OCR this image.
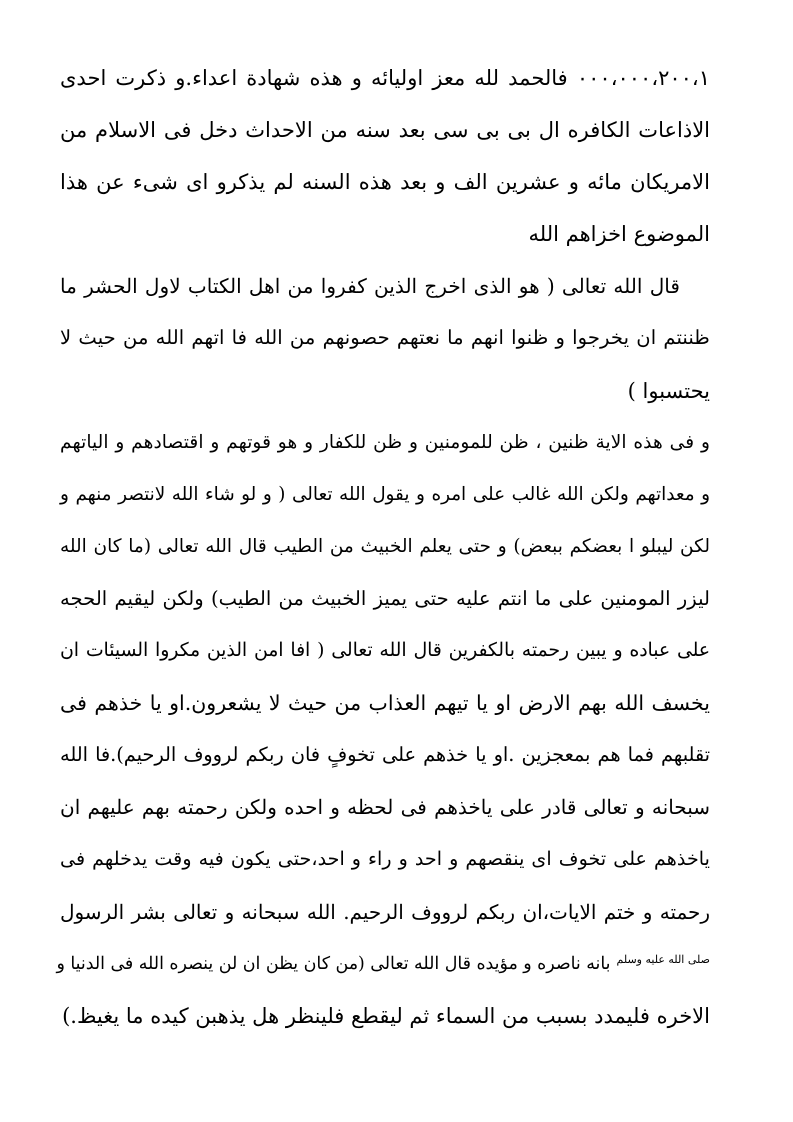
٠٠٠،٠٠٠،٢٠٠،١ فالحمد لله معز اوليائه و هذه شهادة اعداء.و ذكرت احدى
الاذاعات الكافره ال بى بى سى بعد سنه من الاحداث دخل فى الاسلام من
الامريكان مائه و عشرين الف و بعد هذه السنه لم يذكرو اى شىء عن هذا
الموضوع اخزاهم الله
قال الله تعالى ( هو الذى اخرج الذين كفروا من اهل الكتاب لاول الحشر ما
ظننتم ان يخرجوا و ظنوا انهم ما نعتهم حصونهم من الله فا اتهم الله من حيث لا
يحتسبوا )
و فى هذه الاية ظنين ، ظن للمومنين و ظن للكفار و هو قوتهم و اقتصادهم و الياتهم
و معداتهم ولكن الله غالب على امره و يقول الله تعالى ( و لو شاء الله لانتصر منهم و
لكن ليبلو ا بعضكم ببعض) و حتى يعلم الخبيث من الطيب قال الله تعالى (ما كان الله
ليزر المومنين على ما انتم عليه حتى يميز الخبيث من الطيب) ولكن ليقيم الحجه
على عباده و يبين رحمته بالكفرين قال الله تعالى ( افا امن الذين مكروا السيئات ان
يخسف الله بهم الارض او يا تيهم العذاب من حيث لا يشعرون.او يا خذهم فى
تقلبهم فما هم بمعجزين .او يا خذهم على تخوفٍ فان ربكم لرووف الرحيم).فا الله
سبحانه و تعالى قادر على ياخذهم فى لحظه و احده ولكن رحمته بهم عليهم ان
ياخذهم على تخوف اى ينقصهم و احد و راء و احد،حتى يكون فيه وقت يدخلهم فى
رحمته و ختم الايات،ان ربكم لرووف الرحيم. الله سبحانه و تعالى بشر الرسول
صلى الله عليه وسلمبانه ناصره و مؤيده قال الله تعالى (من كان يظن ان لن ينصره الله فى الدنيا و
الاخره فليمدد بسبب من السماء ثم ليقطع فلينظر هل يذهبن كيده ما يغيظ.)
